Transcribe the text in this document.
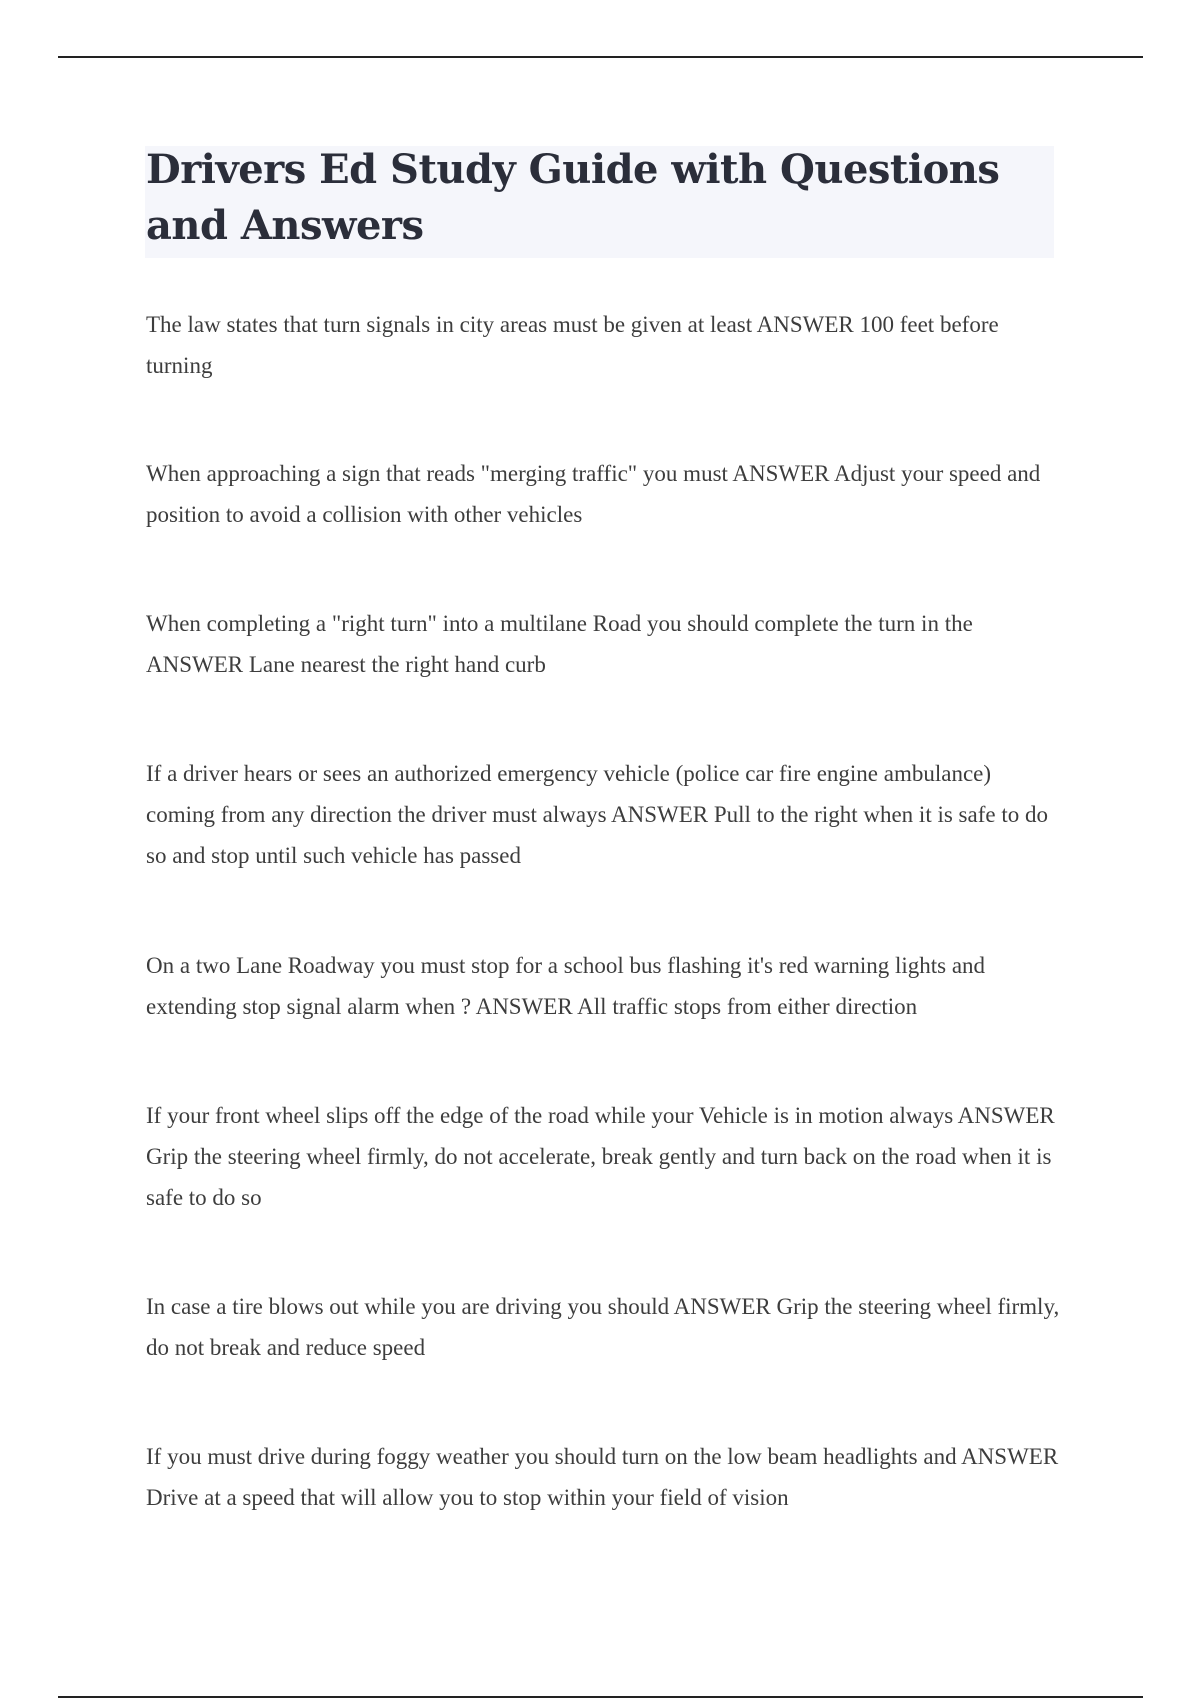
Drivers Ed Study Guide with Questions and Answers

The law states that turn signals in city areas must be given at least ANSWER 100 feet before turning

When approaching a sign that reads "merging traffic" you must ANSWER Adjust your speed and position to avoid a collision with other vehicles

When completing a "right turn" into a multilane Road you should complete the turn in the ANSWER Lane nearest the right hand curb

If a driver hears or sees an authorized emergency vehicle (police car fire engine ambulance) coming from any direction the driver must always ANSWER Pull to the right when it is safe to do so and stop until such vehicle has passed

On a two Lane Roadway you must stop for a school bus flashing it's red warning lights and extending stop signal alarm when ? ANSWER All traffic stops from either direction

If your front wheel slips off the edge of the road while your Vehicle is in motion always ANSWER Grip the steering wheel firmly, do not accelerate, break gently and turn back on the road when it is safe to do so

In case a tire blows out while you are driving you should ANSWER Grip the steering wheel firmly, do not break and reduce speed

If you must drive during foggy weather you should turn on the low beam headlights and ANSWER Drive at a speed that will allow you to stop within your field of vision
